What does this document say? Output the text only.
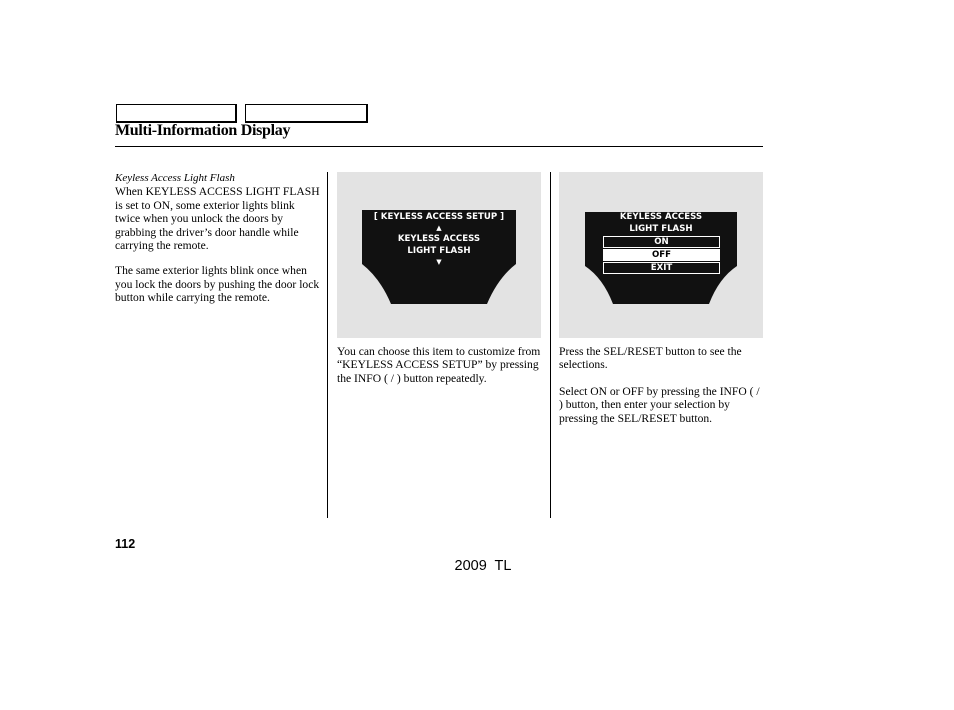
Multi-Information Display

Keyless Access Light Flash

When KEYLESS ACCESS LIGHT FLASH is set to ON, some exterior lights blink twice when you unlock the doors by grabbing the driver’s door handle while carrying the remote.

The same exterior lights blink once when you lock the doors by pushing the door lock button while carrying the remote.

[ KEYLESS ACCESS SETUP ]
▲
KEYLESS ACCESS
LIGHT FLASH
▼
KEYLESS ACCESS
LIGHT FLASH
ON
OFF
EXIT

You can choose this item to customize from “KEYLESS ACCESS SETUP” by pressing the INFO ( / ) button repeatedly.

Press the SEL/RESET button to see the selections.

Select ON or OFF by pressing the INFO ( / ) button, then enter your selection by pressing the SEL/RESET button.

112
2009  TL
